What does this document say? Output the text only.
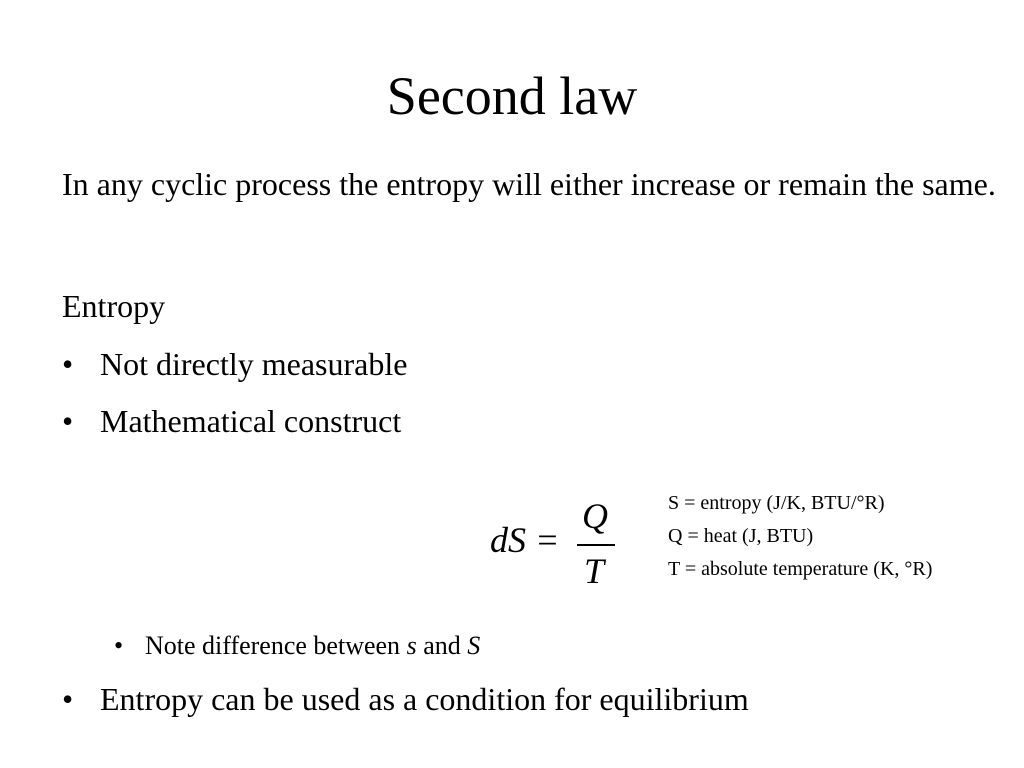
Second law

In any cyclic process the entropy will either increase or remain the same.

Entropy

• Not directly measurable
• Mathematical construct
dS =
Q
T
S = entropy (J/K, BTU/°R)
Q = heat (J, BTU)
T = absolute temperature (K, °R)
• Note difference between s and S
• Entropy can be used as a condition for equilibrium
